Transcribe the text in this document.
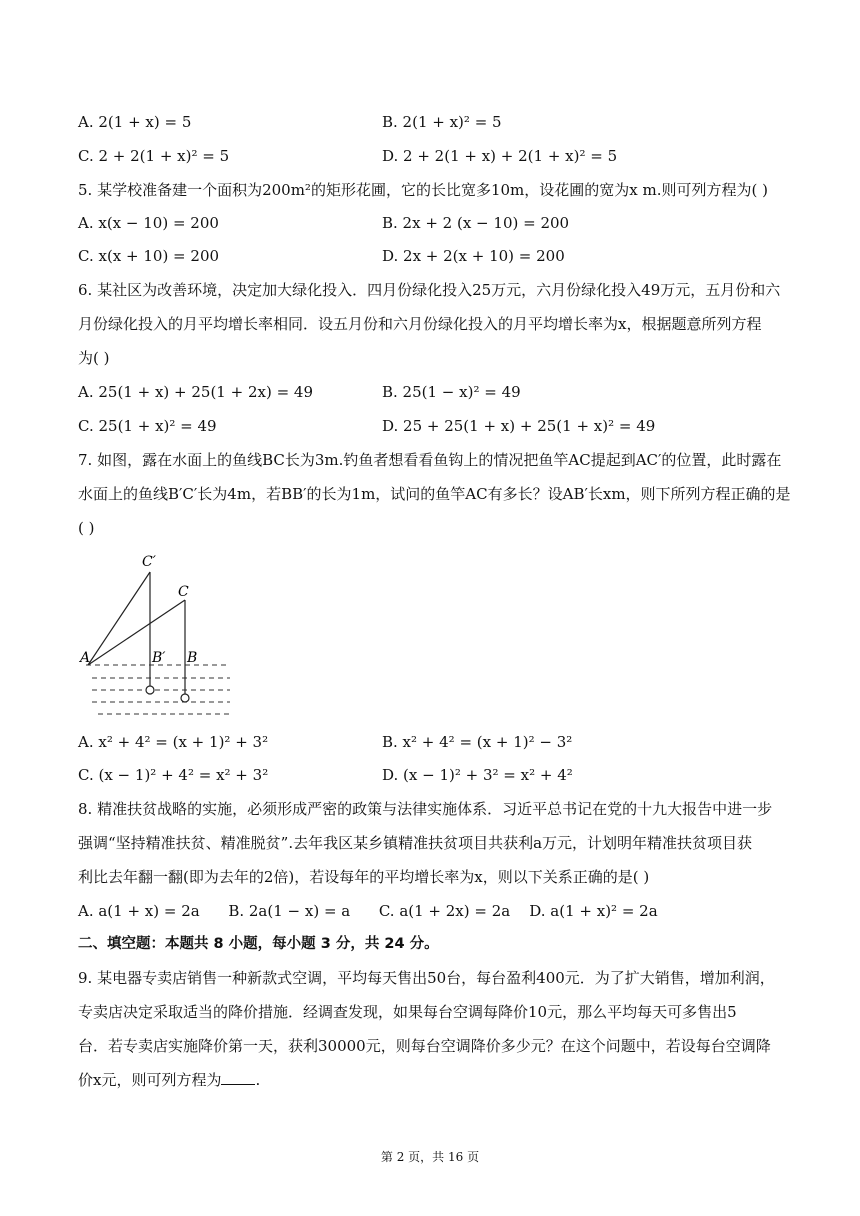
A. 2(1 + x) = 5	B. 2(1 + x)² = 5
C. 2 + 2(1 + x)² = 5	D. 2 + 2(1 + x) + 2(1 + x)² = 5
5. 某学校准备建一个面积为200m²的矩形花圃，它的长比宽多10m，设花圃的宽为x m.则可列方程为( )
A. x(x − 10) = 200	B. 2x + 2 (x − 10) = 200
C. x(x + 10) = 200	D. 2x + 2(x + 10) = 200
6. 某社区为改善环境，决定加大绿化投入．四月份绿化投入25万元，六月份绿化投入49万元，五月份和六
月份绿化投入的月平均增长率相同．设五月份和六月份绿化投入的月平均增长率为x，根据题意所列方程
为( )
A. 25(1 + x) + 25(1 + 2x) = 49	B. 25(1 − x)² = 49
C. 25(1 + x)² = 49	D. 25 + 25(1 + x) + 25(1 + x)² = 49
7. 如图，露在水面上的鱼线BC长为3m.钓鱼者想看看鱼钩上的情况把鱼竿AC提起到AC′的位置，此时露在
水面上的鱼线B′C′长为4m，若BB′的长为1m，试问的鱼竿AC有多长？设AB′长xm，则下所列方程正确的是
( )
A	B′ B
C
C′
A. x² + 4² = (x + 1)² + 3²	B. x² + 4² = (x + 1)² − 3²
C. (x − 1)² + 4² = x² + 3²	D. (x − 1)² + 3² = x² + 4²
8. 精准扶贫战略的实施，必须形成严密的政策与法律实施体系．习近平总书记在党的十九大报告中进一步
强调“坚持精准扶贫、精准脱贫”.去年我区某乡镇精准扶贫项目共获利a万元，计划明年精准扶贫项目获
利比去年翻一翻(即为去年的2倍)，若设每年的平均增长率为x，则以下关系正确的是( )
A. a(1 + x) = 2a      B. 2a(1 − x) = a      C. a(1 + 2x) = 2a    D. a(1 + x)² = 2a
二、填空题：本题共 8 小题，每小题 3 分，共 24 分。
9. 某电器专卖店销售一种新款式空调，平均每天售出50台，每台盈利400元．为了扩大销售，增加利润，
专卖店决定采取适当的降价措施．经调查发现，如果每台空调每降价10元，那么平均每天可多售出5
台．若专卖店实施降价第一天，获利30000元，则每台空调降价多少元？在这个问题中，若设每台空调降
价x元，则可列方程为 .
第 2 页，共 16 页
